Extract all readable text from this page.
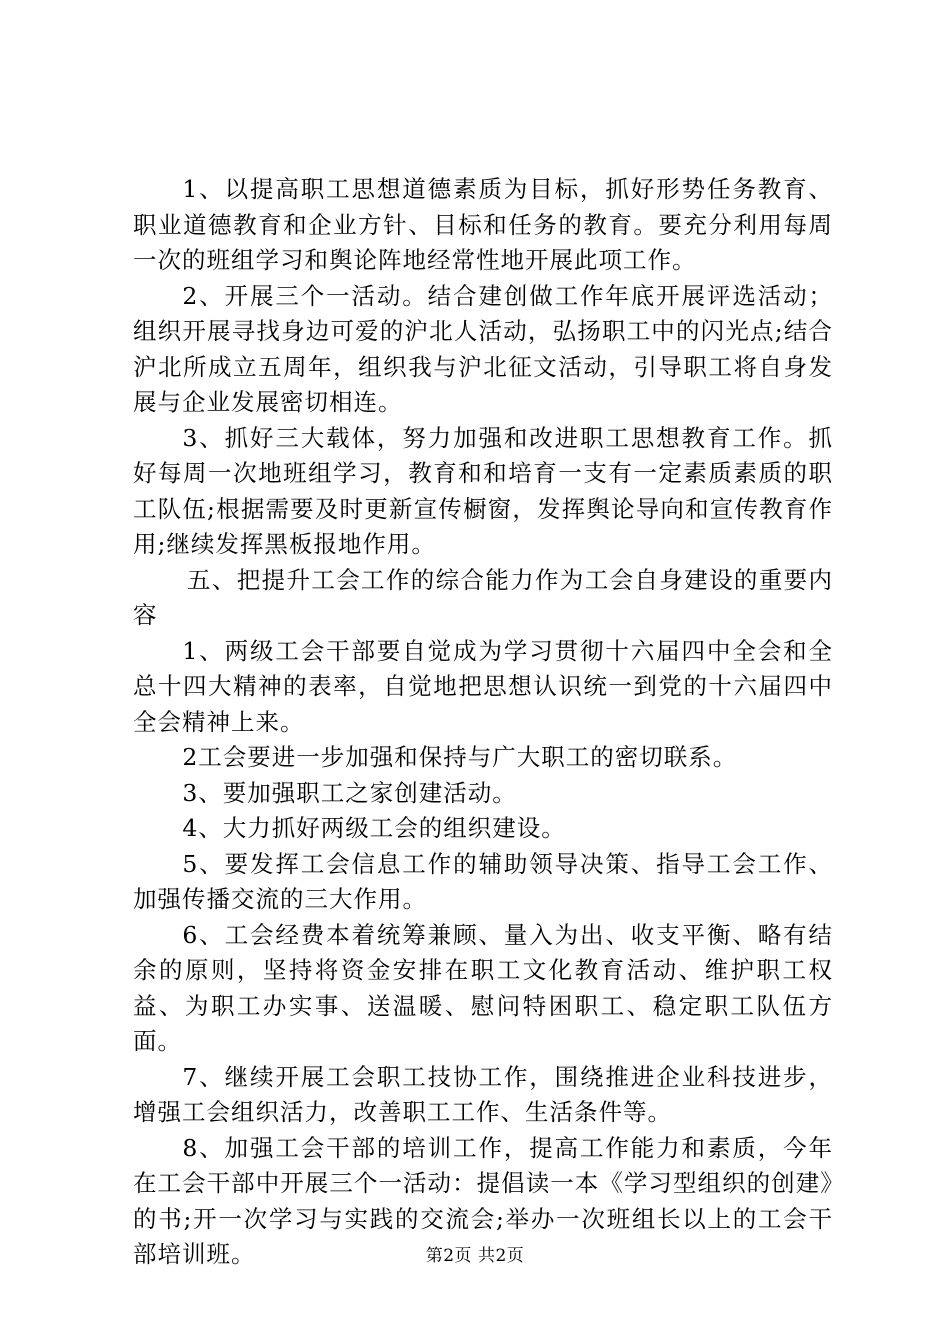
1、以提高职工思想道德素质为目标，抓好形势任务教育、职业道德教育和企业方针、目标和任务的教育。要充分利用每周一次的班组学习和舆论阵地经常性地开展此项工作。

2、开展三个一活动。结合建创做工作年底开展评选活动；组织开展寻找身边可爱的沪北人活动，弘扬职工中的闪光点;结合沪北所成立五周年，组织我与沪北征文活动，引导职工将自身发展与企业发展密切相连。

3、抓好三大载体，努力加强和改进职工思想教育工作。抓好每周一次地班组学习，教育和和培育一支有一定素质素质的职工队伍;根据需要及时更新宣传橱窗，发挥舆论导向和宣传教育作用;继续发挥黑板报地作用。

五、把提升工会工作的综合能力作为工会自身建设的重要内容

1、两级工会干部要自觉成为学习贯彻十六届四中全会和全总十四大精神的表率，自觉地把思想认识统一到党的十六届四中全会精神上来。

2工会要进一步加强和保持与广大职工的密切联系。

3、要加强职工之家创建活动。

4、大力抓好两级工会的组织建设。

5、要发挥工会信息工作的辅助领导决策、指导工会工作、加强传播交流的三大作用。

6、工会经费本着统筹兼顾、量入为出、收支平衡、略有结余的原则，坚持将资金安排在职工文化教育活动、维护职工权益、为职工办实事、送温暖、慰问特困职工、稳定职工队伍方面。

7、继续开展工会职工技协工作，围绕推进企业科技进步，增强工会组织活力，改善职工工作、生活条件等。

8、加强工会干部的培训工作，提高工作能力和素质，今年在工会干部中开展三个一活动：提倡读一本《学习型组织的创建》的书;开一次学习与实践的交流会;举办一次班组长以上的工会干部培训班。	第2页 共2页
